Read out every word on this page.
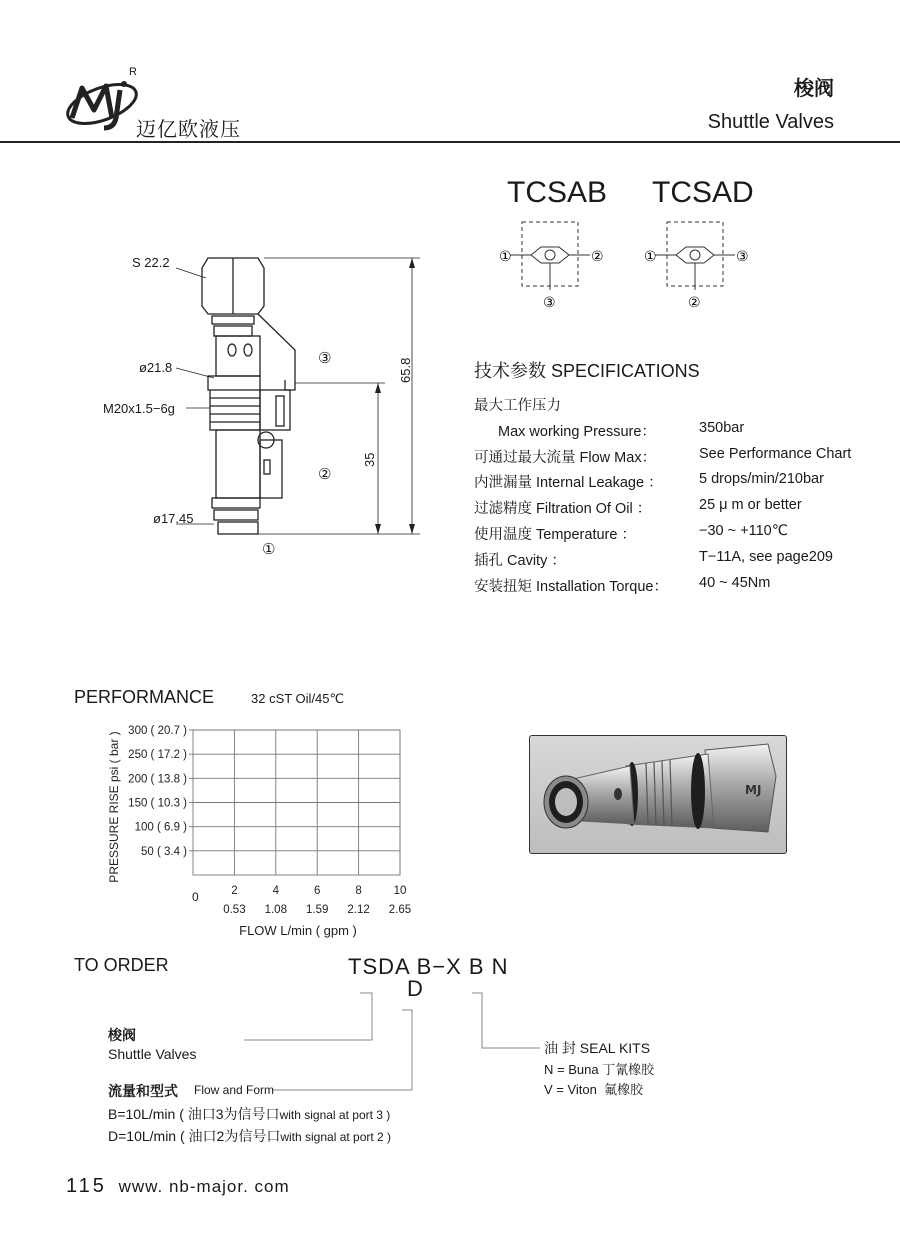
R
迈亿欧液压
梭阀
Shuttle Valves
TCSAB TCSAD
①	②
③
①	③
②
S 22.2
ø21.8
M20x1.5−6g
ø17.45
65.8
35
③
②
①
技术参数 SPECIFICATIONS
最大工作压力
Max working Pressure：	350bar
可通过最大流量 Flow Max：	See Performance Chart
内泄漏量 Internal Leakage ：	5 drops/min/210bar
过滤精度 Filtration Of Oil ：	25 μ m or better
使用温度 Temperature ：	−30 ~ +110℃
插孔 Cavity ：	T−11A, see page209
安装扭矩 Installation Torque： 40 ~ 45Nm
PERFORMANCE	32 cST Oil/45℃
50 ( 3.4 )
100 ( 6.9 )
150 ( 10.3 )
200 ( 13.8 )
250 ( 17.2 )
300 ( 20.7 )
2
0.53
4
1.08
6
1.59
8
2.12
10
2.65
0
PRESSURE RISE psi ( bar )
FLOW L/min ( gpm )
MJ
TO ORDER	TSDA B−X B N
D
梭阀
Shuttle Valves
流量和型式 Flow and Form
B=10L/min ( 油口3为信号口with signal at port 3 )
D=10L/min ( 油口2为信号口with signal at port 2 )
油 封 SEAL KITS
N = Buna 丁氰橡胶
V = Viton  氟橡胶
115 www. nb-major. com
